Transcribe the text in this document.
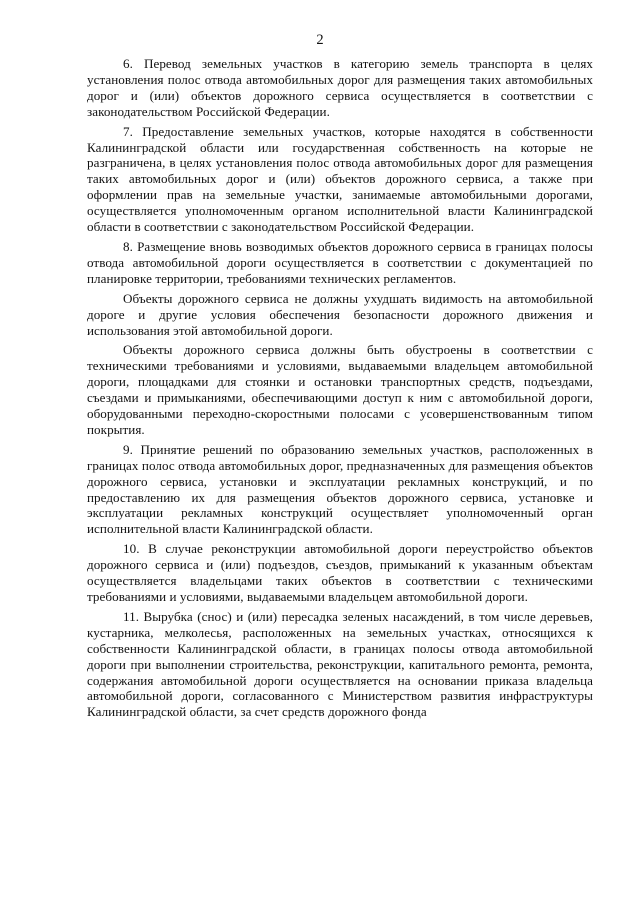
2

6. Перевод земельных участков в категорию земель транспорта в целях установления полос отвода автомобильных дорог для размещения таких автомобильных дорог и (или) объектов дорожного сервиса осуществляется в соответствии с законодательством Российской Федерации.

7. Предоставление земельных участков, которые находятся в собственности Калининградской области или государственная собственность на которые не разграничена, в целях установления полос отвода автомобильных дорог для размещения таких автомобильных дорог и (или) объектов дорожного сервиса, а также при оформлении прав на земельные участки, занимаемые автомобильными дорогами, осуществляется уполномоченным органом исполнительной власти Калининградской области в соответствии с законодательством Российской Федерации.

8. Размещение вновь возводимых объектов дорожного сервиса в границах полосы отвода автомобильной дороги осуществляется в соответствии с документацией по планировке территории, требованиями технических регламентов.

Объекты дорожного сервиса не должны ухудшать видимость на автомобильной дороге и другие условия обеспечения безопасности дорожного движения и использования этой автомобильной дороги.

Объекты дорожного сервиса должны быть обустроены в соответствии с техническими требованиями и условиями, выдаваемыми владельцем автомобильной дороги, площадками для стоянки и остановки транспортных средств, подъездами, съездами и примыканиями, обеспечивающими доступ к ним с автомобильной дороги, оборудованными переходно-скоростными полосами с усовершенствованным типом покрытия.

9. Принятие решений по образованию земельных участков, расположенных в границах полос отвода автомобильных дорог, предназначенных для размещения объектов дорожного сервиса, установки и эксплуатации рекламных конструкций, и по предоставлению их для размещения объектов дорожного сервиса, установке и эксплуатации рекламных конструкций осуществляет уполномоченный орган исполнительной власти Калининградской области.

10. В случае реконструкции автомобильной дороги переустройство объектов дорожного сервиса и (или) подъездов, съездов, примыканий к указанным объектам осуществляется владельцами таких объектов в соответствии с техническими требованиями и условиями, выдаваемыми владельцем автомобильной дороги.

11. Вырубка (снос) и (или) пересадка зеленых насаждений, в том числе деревьев, кустарника, мелколесья, расположенных на земельных участках, относящихся к собственности Калининградской области, в границах полосы отвода автомобильной дороги при выполнении строительства, реконструкции, капитального ремонта, ремонта, содержания автомобильной дороги осуществляется на основании приказа владельца автомобильной дороги, согласованного с Министерством развития инфраструктуры Калининградской области, за счет средств дорожного фонда
